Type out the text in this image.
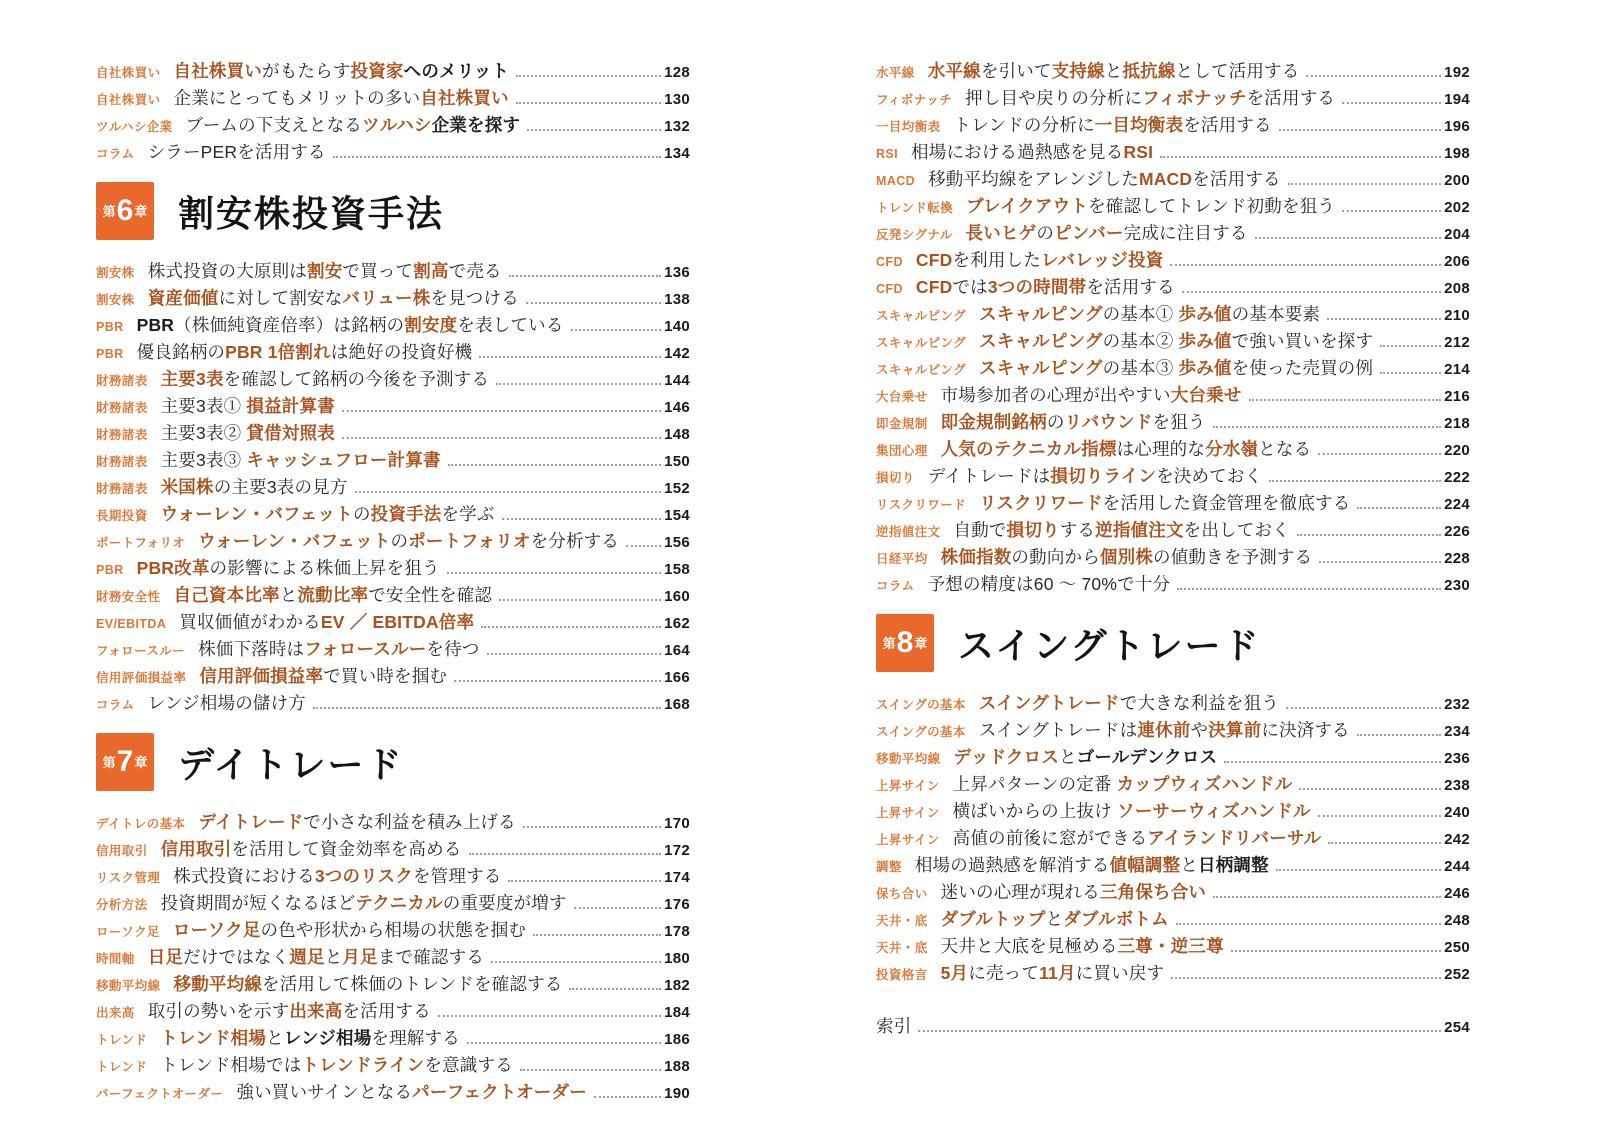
自社株買い 自社株買いがもたらす投資家へのメリット	128
自社株買い 企業にとってもメリットの多い自社株買い	130
ツルハシ企業 ブームの下支えとなるツルハシ企業を探す	132
コラム シラーPERを活用する	134
第 6 章 割安株投資手法
割安株 株式投資の大原則は割安で買って割高で売る	136
割安株 資産価値に対して割安なバリュー株を見つける	138
PBR PBR（株価純資産倍率）は銘柄の割安度を表している	140
PBR 優良銘柄のPBR 1倍割れは絶好の投資好機	142
財務諸表 主要3表を確認して銘柄の今後を予測する	144
財務諸表 主要3表① 損益計算書	146
財務諸表 主要3表② 貸借対照表	148
財務諸表 主要3表③ キャッシュフロー計算書	150
財務諸表 米国株の主要3表の見方	152
長期投資 ウォーレン・バフェットの投資手法を学ぶ	154
ポートフォリオ ウォーレン・バフェットのポートフォリオを分析する	156
PBR PBR改革の影響による株価上昇を狙う	158
財務安全性 自己資本比率と流動比率で安全性を確認	160
EV/EBITDA 買収価値がわかるEV ／ EBITDA倍率	162
フォロースルー 株価下落時はフォロースルーを待つ	164
信用評価損益率 信用評価損益率で買い時を掴む	166
コラム レンジ相場の儲け方	168
第 7 章 デイトレード
デイトレの基本 デイトレードで小さな利益を積み上げる	170
信用取引 信用取引を活用して資金効率を高める	172
リスク管理 株式投資における3つのリスクを管理する	174
分析方法 投資期間が短くなるほどテクニカルの重要度が増す	176
ローソク足 ローソク足の色や形状から相場の状態を掴む	178
時間軸 日足だけではなく週足と月足まで確認する	180
移動平均線 移動平均線を活用して株価のトレンドを確認する	182
出来高 取引の勢いを示す出来高を活用する	184
トレンド トレンド相場とレンジ相場を理解する	186
トレンド トレンド相場ではトレンドラインを意識する	188
パーフェクトオーダー 強い買いサインとなるパーフェクトオーダー	190
水平線 水平線を引いて支持線と抵抗線として活用する	192
フィボナッチ 押し目や戻りの分析にフィボナッチを活用する	194
一目均衡表 トレンドの分析に一目均衡表を活用する	196
RSI 相場における過熱感を見るRSI	198
MACD 移動平均線をアレンジしたMACDを活用する	200
トレンド転換 ブレイクアウトを確認してトレンド初動を狙う	202
反発シグナル 長いヒゲのピンバー完成に注目する	204
CFD CFDを利用したレバレッジ投資	206
CFD CFDでは3つの時間帯を活用する	208
スキャルピング スキャルピングの基本① 歩み値の基本要素	210
スキャルピング スキャルピングの基本② 歩み値で強い買いを探す	212
スキャルピング スキャルピングの基本③ 歩み値を使った売買の例	214
大台乗せ 市場参加者の心理が出やすい大台乗せ	216
即金規制 即金規制銘柄のリバウンドを狙う	218
集団心理 人気のテクニカル指標は心理的な分水嶺となる	220
損切り デイトレードは損切りラインを決めておく	222
リスクリワード リスクリワードを活用した資金管理を徹底する	224
逆指値注文 自動で損切りする逆指値注文を出しておく	226
日経平均 株価指数の動向から個別株の値動きを予測する	228
コラム 予想の精度は60 ～ 70%で十分	230
第 8 章 スイングトレード
スイングの基本 スイングトレードで大きな利益を狙う	232
スイングの基本 スイングトレードは連休前や決算前に決済する	234
移動平均線 デッドクロスとゴールデンクロス	236
上昇サイン 上昇パターンの定番 カップウィズハンドル	238
上昇サイン 横ばいからの上抜け ソーサーウィズハンドル	240
上昇サイン 高値の前後に窓ができるアイランドリバーサル	242
調整 相場の過熱感を解消する値幅調整と日柄調整	244
保ち合い 迷いの心理が現れる三角保ち合い	246
天井・底 ダブルトップとダブルボトム	248
天井・底 天井と大底を見極める三尊・逆三尊	250
投資格言 5月に売って11月に買い戻す	252
索引	254
